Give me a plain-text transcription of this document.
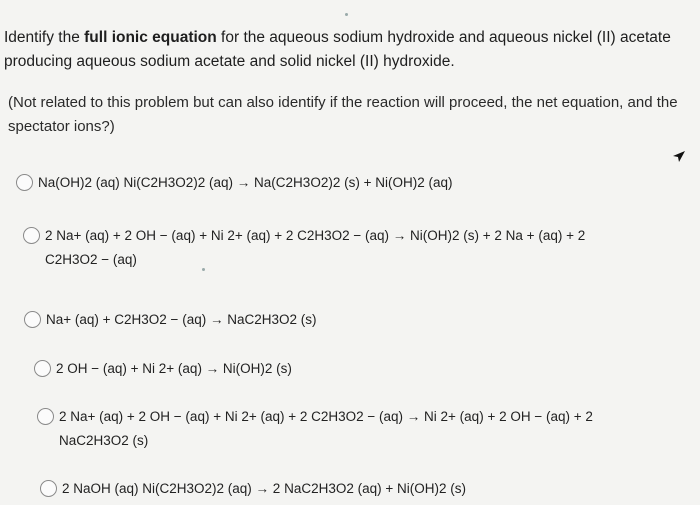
Identify the full ionic equation for the aqueous sodium hydroxide and aqueous nickel (II) acetate producing aqueous sodium acetate and solid nickel (II) hydroxide.
(Not related to this problem but can also identify if the reaction will proceed, the net equation, and the spectator ions?)
Na(OH)2 (aq) Ni(C2H3O2)2 (aq) → Na(C2H3O2)2 (s) + Ni(OH)2 (aq)
2 Na+ (aq) + 2 OH − (aq) + Ni 2+ (aq) + 2 C2H3O2 − (aq) → Ni(OH)2 (s) + 2 Na + (aq) + 2 C2H3O2 − (aq)
Na+ (aq) + C2H3O2 − (aq) → NaC2H3O2 (s)
2 OH − (aq) + Ni 2+ (aq) → Ni(OH)2 (s)
2 Na+ (aq) + 2 OH − (aq) + Ni 2+ (aq) + 2 C2H3O2 − (aq) → Ni 2+ (aq) + 2 OH − (aq) + 2 NaC2H3O2 (s)
2 NaOH (aq) Ni(C2H3O2)2 (aq) → 2 NaC2H3O2 (aq) + Ni(OH)2 (s)
